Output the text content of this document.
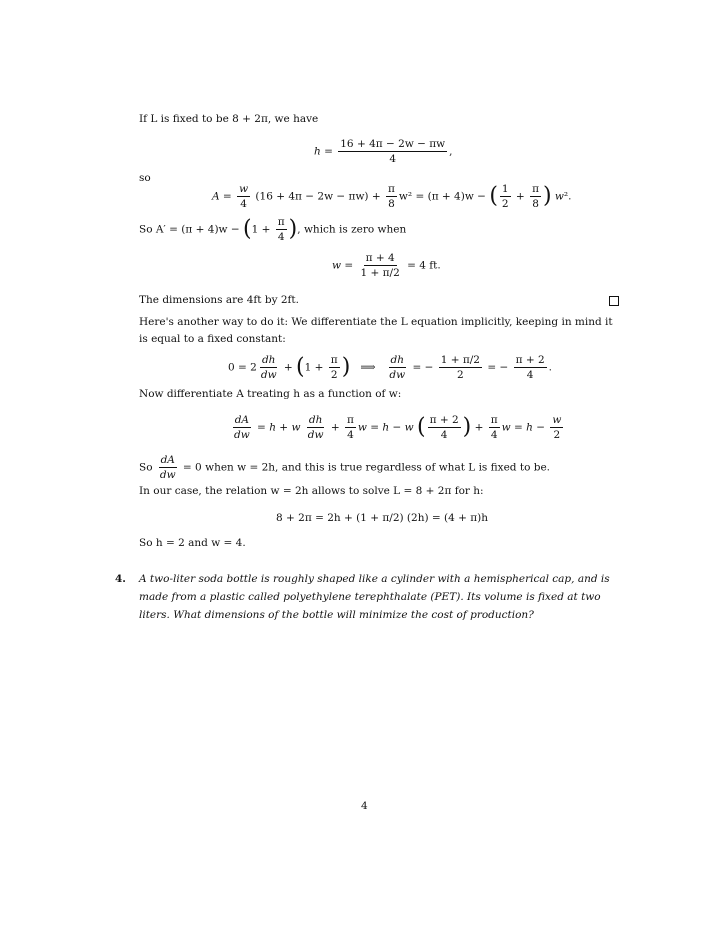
If L is fixed to be 8 + 2π, we have
$h = \frac{16 + 4\pi - 2w - \pi w}{4}$ ,
so
$A = \frac{w}{4} (16 + 4\pi - 2w - \pi w) + \frac{\pi}{8} w^2 = (\pi + 4)w$ − ( $\frac{1}{2} + \frac{\pi}{8}$ ) w².
So $A' = (\pi + 4)w - (1 + \frac{\pi}{4}$ ), which is zero when
$w = \frac{\pi + 4}{1 + \pi/2} = 4$ ft.
The dimensions are 4ft by 2ft.
Here's another way to do it: We differentiate the L equation implicitly, keeping in mind it is equal to a fixed constant:
$0 = 2 \frac{dh}{dw} + (1 + \frac{\pi}{2}$ ) ⟹ $\frac{dh}{dw}$ = − $\frac{1 + \pi/2}{2}$ = − $\frac{\pi + 2}{4}$ .
Now differentiate A treating h as a function of w:
$\frac{dA}{dw} = h + w \frac{dh}{dw} + \frac{\pi}{4}$ w = h − w ( $\frac{\pi + 2}{4}$ ) + $\frac{\pi}{4}$ $w = h - \frac{w}{2}$
So $\frac{dA}{dw} = 0$ when w = 2h, and this is true regardless of what L is fixed to be.
In our case, the relation w = 2h allows to solve L = 8 + 2π for h:
8 + 2π = 2h + (1 + π/2) (2h) = (4 + π)h
So h = 2 and w = 4.
4.	A two-liter soda bottle is roughly shaped like a cylinder with a hemispherical cap, and is made from a plastic called polyethylene terephthalate (PET). Its volume is fixed at two liters. What dimensions of the bottle will minimize the cost of production?
4
